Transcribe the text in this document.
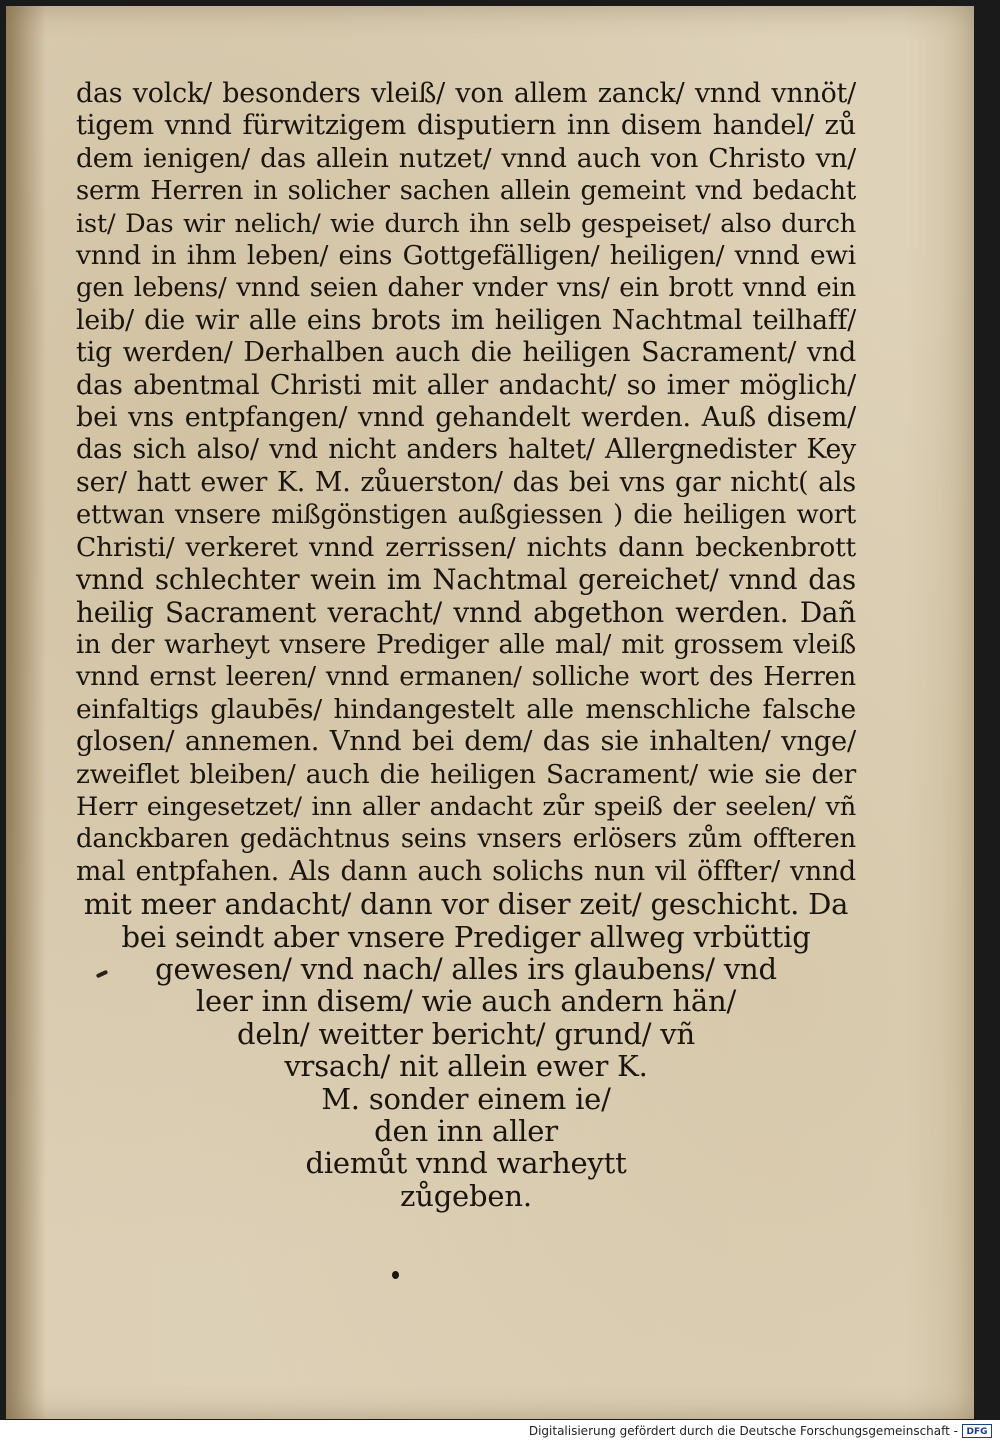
das volck/ besonders vleiß/ von allem zanck/ vnnd vnnöt/
tigem vnnd fürwitzigem disputiern inn disem handel/ zů
dem ienigen/ das allein nutzet/ vnnd auch von Christo vn/
serm Herren in solicher sachen allein gemeint vnd bedacht
ist/ Das wir nelich/ wie durch ihn selb gespeiset/ also durch
vnnd in ihm leben/ eins Gottgefälligen/ heiligen/ vnnd ewi
gen lebens/ vnnd seien daher vnder vns/ ein brott vnnd ein
leib/ die wir alle eins brots im heiligen Nachtmal teilhaff/
tig werden/ Derhalben auch die heiligen Sacrament/ vnd
das abentmal Christi mit aller andacht/ so imer möglich/
bei vns entpfangen/ vnnd gehandelt werden. Auß disem/
das sich also/ vnd nicht anders haltet/ Allergnedister Key
ser/ hatt ewer K. M. zůuerston/ das bei vns gar nicht( als
ettwan vnsere mißgönstigen außgiessen ) die heiligen wort
Christi/ verkeret vnnd zerrissen/ nichts dann beckenbrott
vnnd schlechter wein im Nachtmal gereichet/ vnnd das
heilig Sacrament veracht/ vnnd abgethon werden. Dañ
in der warheyt vnsere Prediger alle mal/ mit grossem vleiß
vnnd ernst leeren/ vnnd ermanen/ solliche wort des Herren
einfaltigs glaubēs/ hindangestelt alle menschliche falsche
glosen/ annemen. Vnnd bei dem/ das sie inhalten/ vnge/
zweiflet bleiben/ auch die heiligen Sacrament/ wie sie der
Herr eingesetzet/ inn aller andacht zůr speiß der seelen/ vñ
danckbaren gedächtnus seins vnsers erlösers zům offteren
mal entpfahen. Als dann auch solichs nun vil öffter/ vnnd
mit meer andacht/ dann vor diser zeit/ geschicht. Da
bei seindt aber vnsere Prediger allweg vrbüttig
gewesen/ vnd nach/ alles irs glaubens/ vnd
leer inn disem/ wie auch andern hän/
deln/ weitter bericht/ grund/ vñ
vrsach/ nit allein ewer K.
M. sonder einem ie/
den inn aller
diemůt vnnd warheytt
zůgeben.
Digitalisierung gefördert durch die Deutsche Forschungsgemeinschaft - DFG
